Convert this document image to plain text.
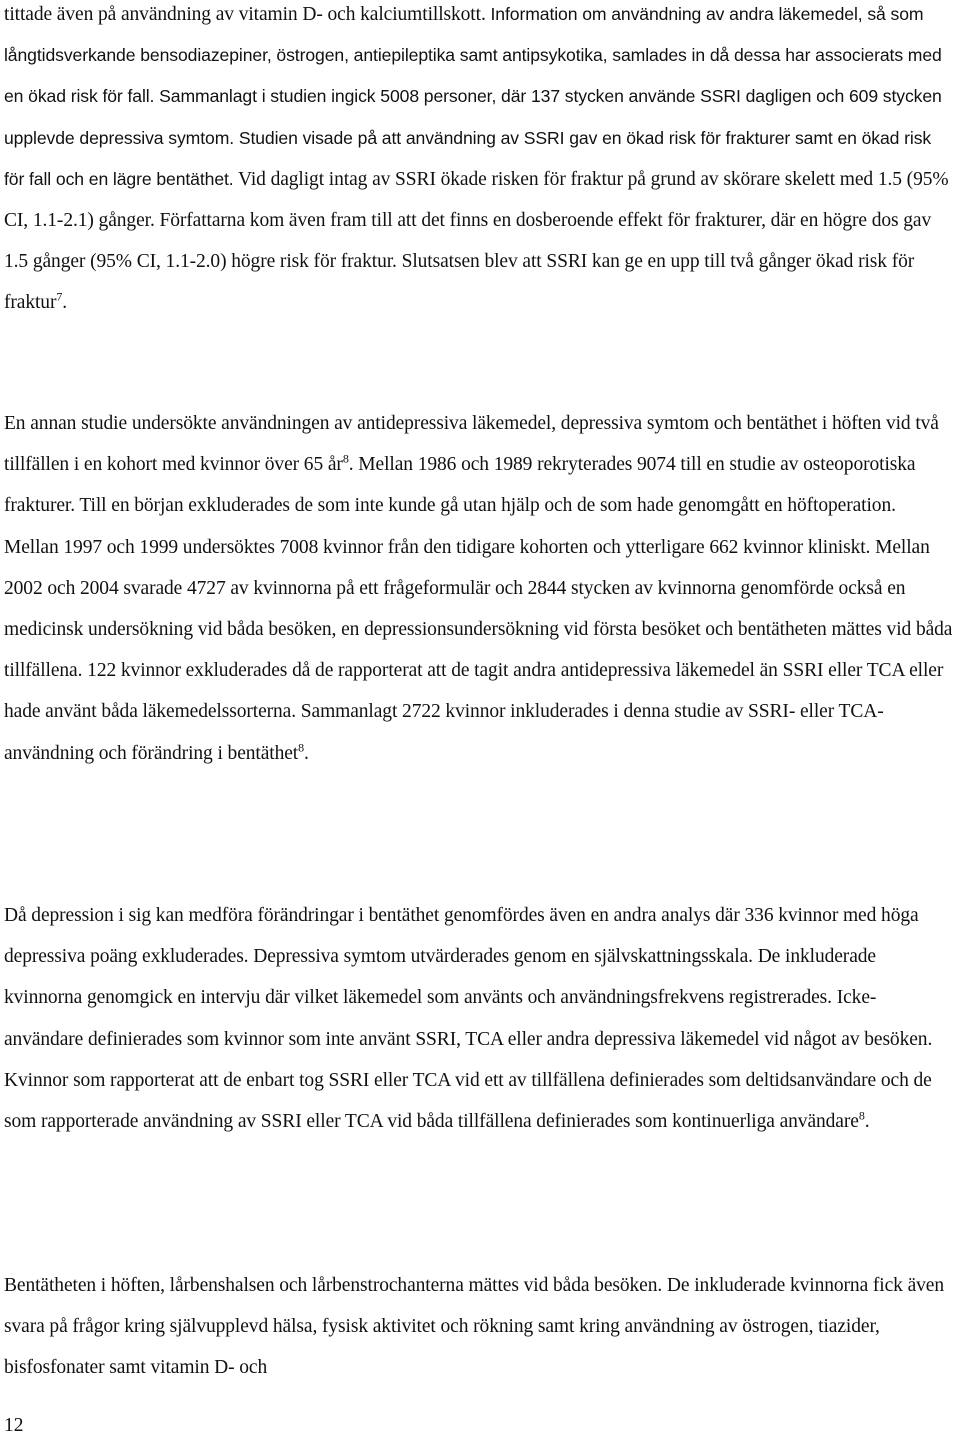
tittade även på användning av vitamin D- och kalciumtillskott. Information om användning av andra läkemedel, så som långtidsverkande bensodiazepiner, östrogen, antiepileptika samt antipsykotika, samlades in då dessa har associerats med en ökad risk för fall. Sammanlagt i studien ingick 5008 personer, där 137 stycken använde SSRI dagligen och 609 stycken upplevde depressiva symtom. Studien visade på att användning av SSRI gav en ökad risk för frakturer samt en ökad risk för fall och en lägre bentäthet. Vid dagligt intag av SSRI ökade risken för fraktur på grund av skörare skelett med 1.5 (95% CI, 1.1-2.1) gånger. Författarna kom även fram till att det finns en dosberoende effekt för frakturer, där en högre dos gav 1.5 gånger (95% CI, 1.1-2.0) högre risk för fraktur. Slutsatsen blev att SSRI kan ge en upp till två gånger ökad risk för fraktur$^7$.

En annan studie undersökte användningen av antidepressiva läkemedel, depressiva symtom och bentäthet i höften vid två tillfällen i en kohort med kvinnor över 65 $år^8$. Mellan 1986 och 1989 rekryterades 9074 till en studie av osteoporotiska frakturer. Till en början exkluderades de som inte kunde gå utan hjälp och de som hade genomgått en höftoperation. Mellan 1997 och 1999 undersöktes 7008 kvinnor från den tidigare kohorten och ytterligare 662 kvinnor kliniskt. Mellan 2002 och 2004 svarade 4727 av kvinnorna på ett frågeformulär och 2844 stycken av kvinnorna genomförde också en medicinsk undersökning vid båda besöken, en depressionsundersökning vid första besöket och bentätheten mättes vid båda tillfällena. 122 kvinnor exkluderades då de rapporterat att de tagit andra antidepressiva läkemedel än SSRI eller TCA eller hade använt båda läkemedelssorterna. Sammanlagt 2722 kvinnor inkluderades i denna studie av SSRI- eller TCA-användning och förändring i bentäthet$^8$.

Då depression i sig kan medföra förändringar i bentäthet genomfördes även en andra analys där 336 kvinnor med höga depressiva poäng exkluderades. Depressiva symtom utvärderades genom en självskattningsskala. De inkluderade kvinnorna genomgick en intervju där vilket läkemedel som använts och användningsfrekvens registrerades. Icke-användare definierades som kvinnor som inte använt SSRI, TCA eller andra depressiva läkemedel vid något av besöken. Kvinnor som rapporterat att de enbart tog SSRI eller TCA vid ett av tillfällena definierades som deltidsanvändare och de som rapporterade användning av SSRI eller TCA vid båda tillfällena definierades som kontinuerliga användare$^8$.

Bentätheten i höften, lårbenshalsen och lårbenstrochanterna mättes vid båda besöken. De inkluderade kvinnorna fick även svara på frågor kring självupplevd hälsa, fysisk aktivitet och rökning samt kring användning av östrogen, tiazider, bisfosfonater samt vitamin D- och

12
